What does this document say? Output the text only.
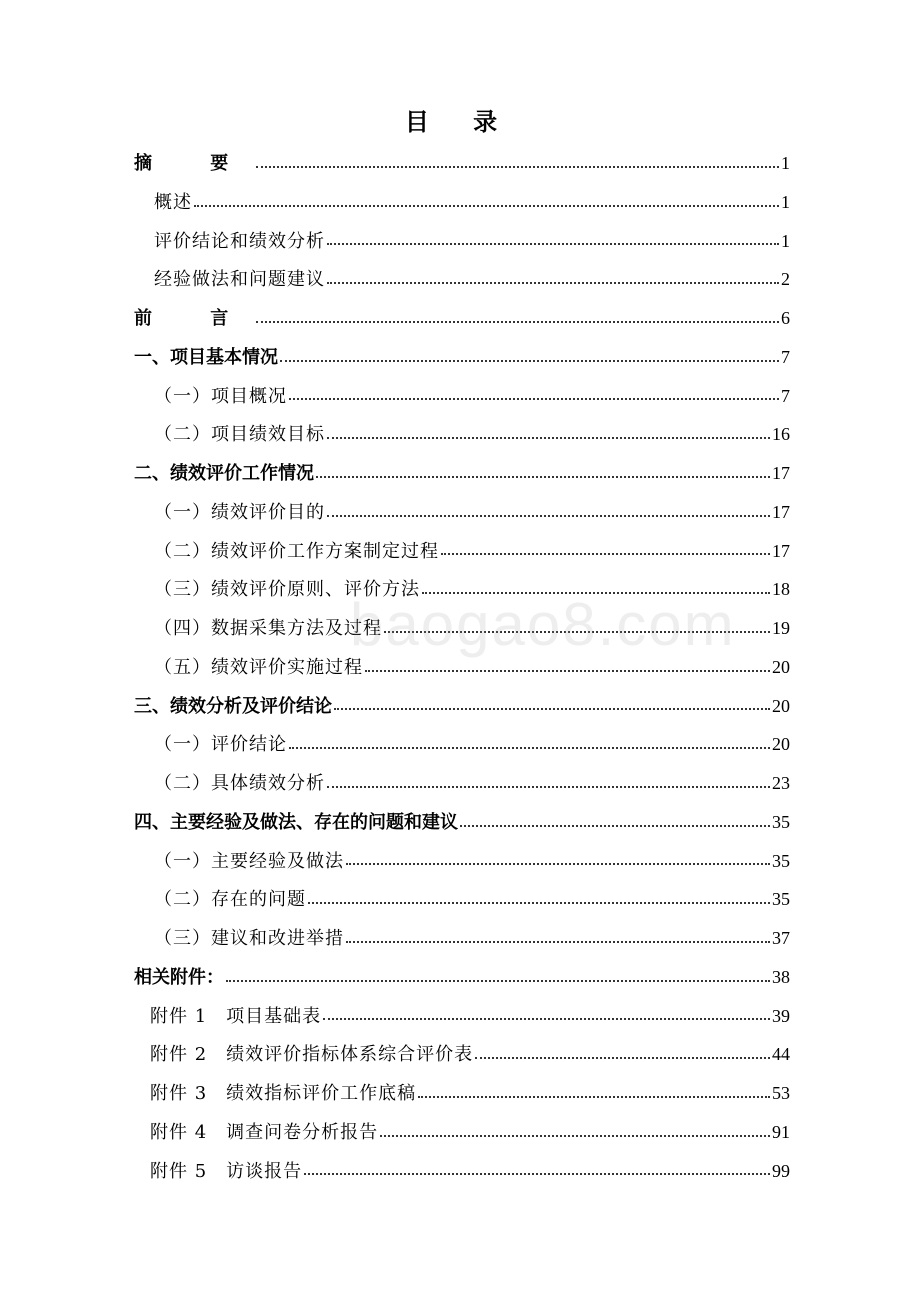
目 录
摘 要	1
概述	1
评价结论和绩效分析	1
经验做法和问题建议	2
前 言	6
一、项目基本情况	7
（一）项目概况	7
（二）项目绩效目标	16
二、绩效评价工作情况	17
（一）绩效评价目的	17
（二）绩效评价工作方案制定过程	17
（三）绩效评价原则、评价方法	18
（四）数据采集方法及过程	19
（五）绩效评价实施过程	20
三、绩效分析及评价结论	20
（一）评价结论	20
（二）具体绩效分析	23
四、主要经验及做法、存在的问题和建议	35
（一）主要经验及做法	35
（二）存在的问题	35
（三）建议和改进举措	37
相关附件：	38
附件 1　项目基础表	39
附件 2　绩效评价指标体系综合评价表	44
附件 3　绩效指标评价工作底稿	53
附件 4　调查问卷分析报告	91
附件 5　访谈报告	99
baogao8.com
